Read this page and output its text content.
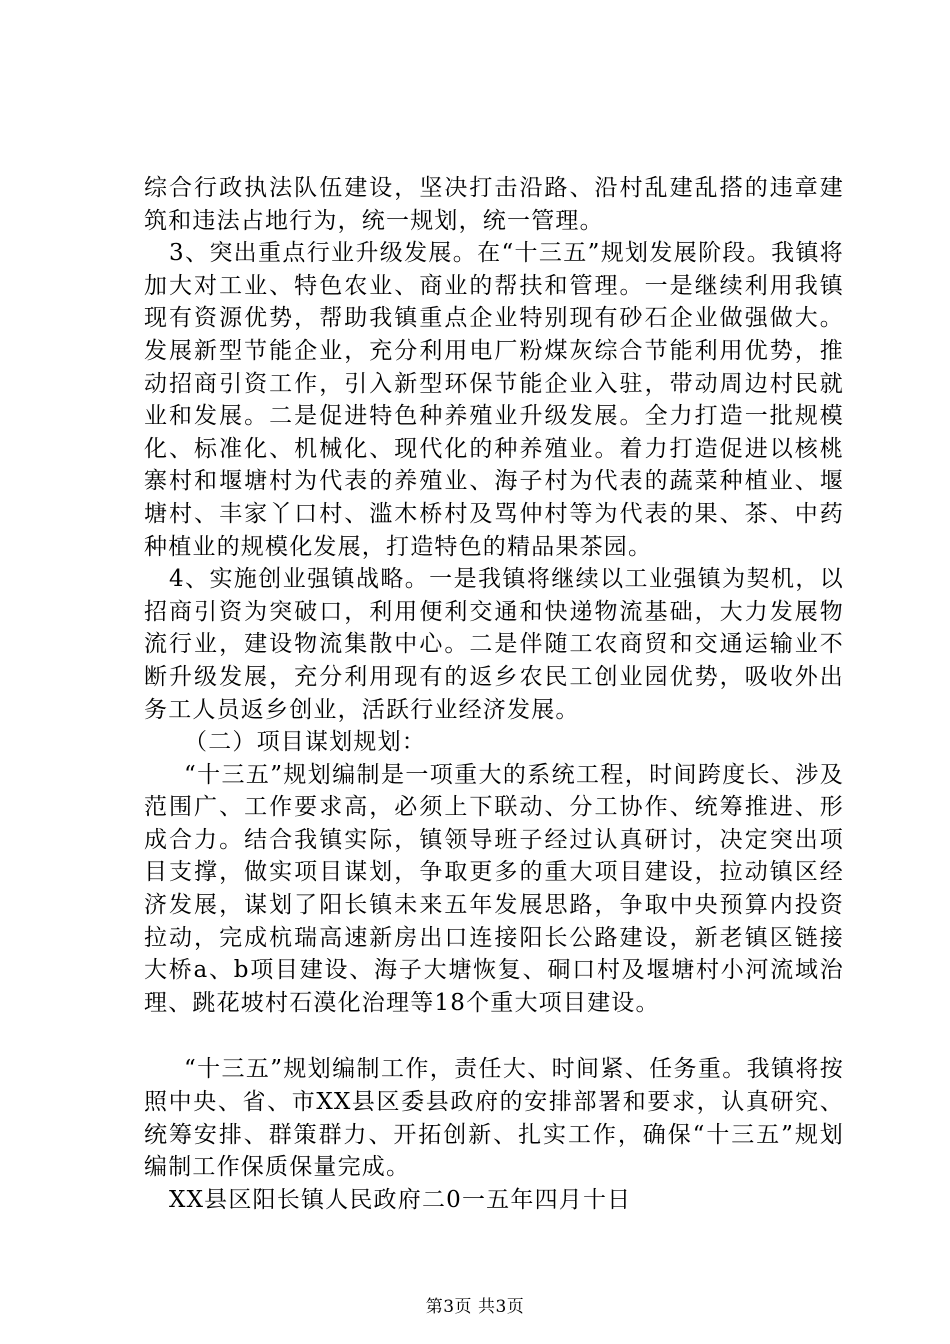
综合行政执法队伍建设，坚决打击沿路、沿村乱建乱搭的违章建筑和违法占地行为，统一规划，统一管理。

3、突出重点行业升级发展。在“十三五”规划发展阶段。我镇将加大对工业、特色农业、商业的帮扶和管理。一是继续利用我镇现有资源优势，帮助我镇重点企业特别现有砂石企业做强做大。发展新型节能企业，充分利用电厂粉煤灰综合节能利用优势，推动招商引资工作，引入新型环保节能企业入驻，带动周边村民就业和发展。二是促进特色种养殖业升级发展。全力打造一批规模化、标准化、机械化、现代化的种养殖业。着力打造促进以核桃寨村和堰塘村为代表的养殖业、海子村为代表的蔬菜种植业、堰塘村、丰家丫口村、滥木桥村及骂仲村等为代表的果、茶、中药种植业的规模化发展，打造特色的精品果茶园。

4、实施创业强镇战略。一是我镇将继续以工业强镇为契机，以招商引资为突破口，利用便利交通和快递物流基础，大力发展物流行业，建设物流集散中心。二是伴随工农商贸和交通运输业不断升级发展，充分利用现有的返乡农民工创业园优势，吸收外出务工人员返乡创业，活跃行业经济发展。

（二）项目谋划规划：

“十三五”规划编制是一项重大的系统工程，时间跨度长、涉及范围广、工作要求高，必须上下联动、分工协作、统筹推进、形成合力。结合我镇实际，镇领导班子经过认真研讨，决定突出项目支撑，做实项目谋划，争取更多的重大项目建设，拉动镇区经济发展，谋划了阳长镇未来五年发展思路，争取中央预算内投资拉动，完成杭瑞高速新房出口连接阳长公路建设，新老镇区链接大桥a、b项目建设、海子大塘恢复、硐口村及堰塘村小河流域治理、跳花坡村石漠化治理等18个重大项目建设。

“十三五”规划编制工作，责任大、时间紧、任务重。我镇将按照中央、省、市XX县区委县政府的安排部署和要求，认真研究、统筹安排、群策群力、开拓创新、扎实工作，确保“十三五”规划编制工作保质保量完成。

XX县区阳长镇人民政府二0一五年四月十日

第3页 共3页
